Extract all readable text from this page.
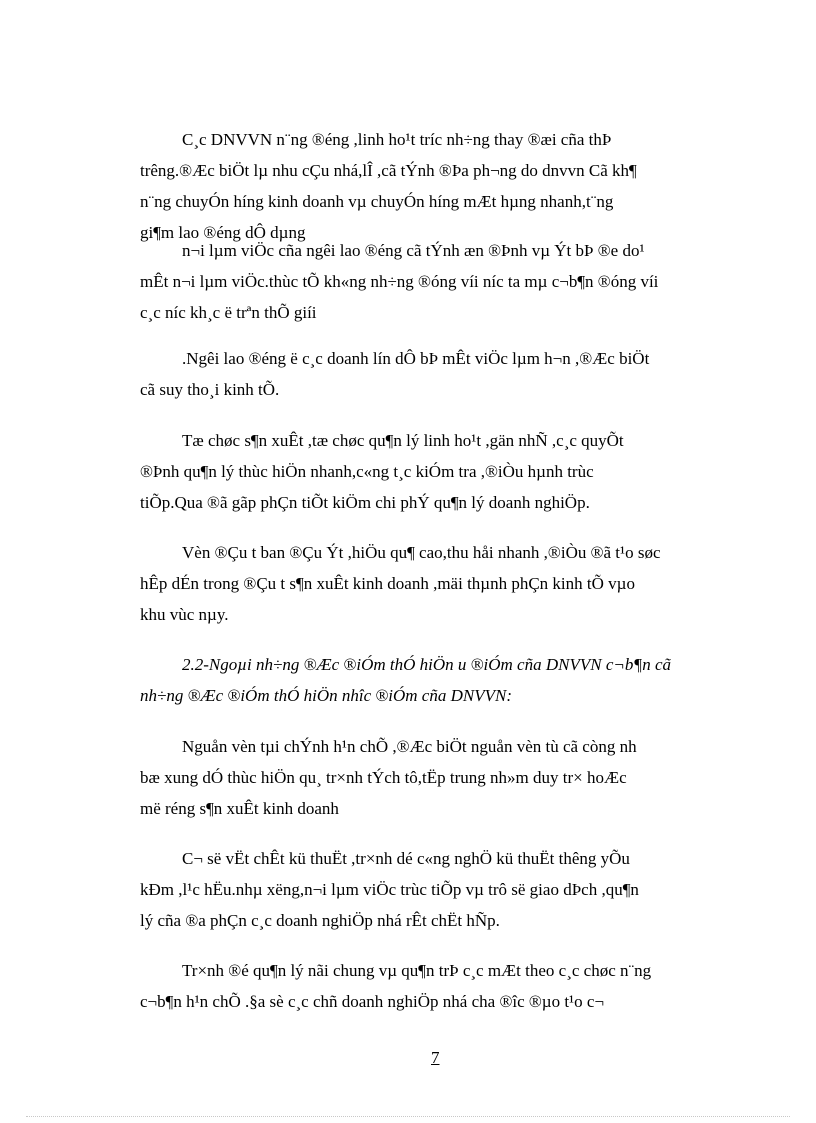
C¸c DNVVN n¨ng ®éng ,linh ho¹t tríc nh÷ng thay ®æi cña thÞ
trêng.®Æc biÖt lµ nhu cÇu nhá,lÎ ,cã tÝnh ®Þa ph¬ng do dnvvn Cã kh¶
n¨ng chuyÓn híng kinh doanh vµ chuyÓn híng mÆt hµng nhanh,t¨ng
gi¶m lao ®éng dÔ dµng

n¬i lµm viÖc cña ngêi lao ®éng cã tÝnh æn ®Þnh vµ Ýt bÞ ®e do¹
mÊt n¬i lµm viÖc.thùc tÕ kh«ng nh÷ng ®óng víi níc ta mµ c¬b¶n ®óng víi
c¸c níc kh¸c ë trªn thÕ giíi

.Ngêi lao ®éng ë c¸c doanh lín dÔ bÞ mÊt viÖc lµm h¬n ,®Æc biÖt
cã suy tho¸i kinh tÕ.

Tæ chøc s¶n xuÊt ,tæ chøc qu¶n lý linh ho¹t ,gän nhÑ ,c¸c quyÕt
®Þnh qu¶n lý thùc hiÖn nhanh,c«ng t¸c kiÓm tra ,®iÒu hµnh trùc
tiÕp.Qua ®ã gãp phÇn tiÕt kiÖm chi phÝ qu¶n lý doanh nghiÖp.

Vèn ®Çu t ban ®Çu Ýt ,hiÖu qu¶ cao,thu håi nhanh ,®iÒu ®ã t¹o søc
hÊp dÉn trong ®Çu t s¶n xuÊt kinh doanh ,mäi thµnh phÇn kinh tÕ vµo
khu vùc nµy.

2.2-Ngoµi nh÷ng ®Æc ®iÓm thÓ hiÖn u ®iÓm cña DNVVN c¬b¶n cã
nh÷ng ®Æc ®iÓm thÓ hiÖn nhîc ®iÓm cña DNVVN:

Nguån vèn tµi chÝnh h¹n chÕ ,®Æc biÖt nguån vèn tù cã còng nh
bæ xung dÓ thùc hiÖn qu¸ tr×nh tÝch tô,tËp trung nh»m duy tr× hoÆc
më réng s¶n xuÊt kinh doanh

C¬ së vËt chÊt kü thuËt ,tr×nh dé c«ng nghÖ kü thuËt thêng yÕu
kÐm ,l¹c hËu.nhµ xëng,n¬i lµm viÖc trùc tiÕp vµ trô së giao dÞch ,qu¶n
lý cña ®a phÇn c¸c doanh nghiÖp nhá rÊt chËt hÑp.

Tr×nh ®é qu¶n lý nãi chung vµ qu¶n trÞ c¸c mÆt theo c¸c chøc n¨ng
c¬b¶n h¹n chÕ .§a sè c¸c chñ doanh nghiÖp nhá cha ®îc ®µo t¹o c¬

7
